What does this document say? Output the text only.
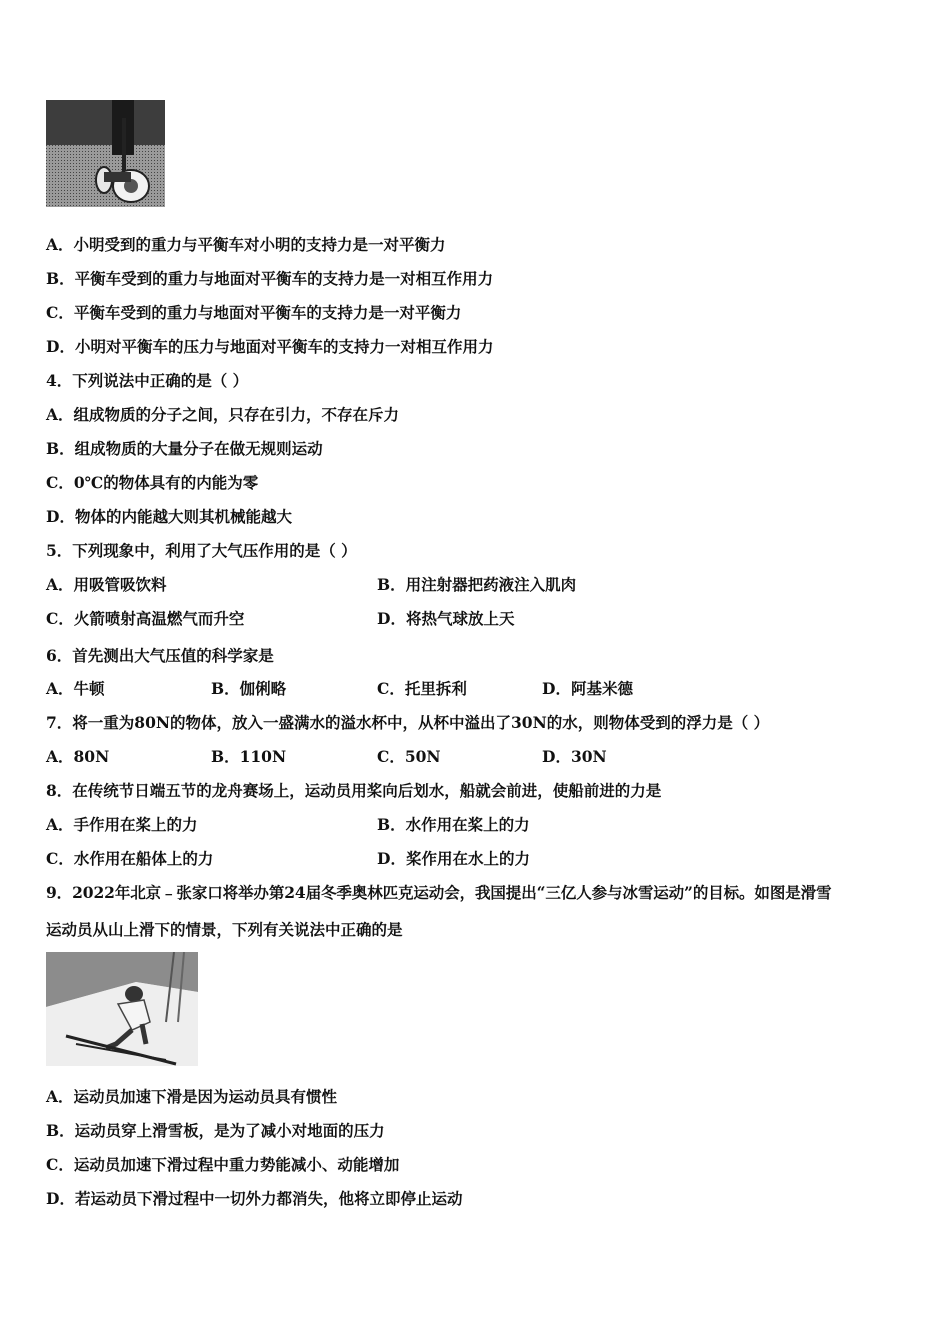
A．小明受到的重力与平衡车对小明的支持力是一对平衡力
B．平衡车受到的重力与地面对平衡车的支持力是一对相互作用力
C．平衡车受到的重力与地面对平衡车的支持力是一对平衡力
D．小明对平衡车的压力与地面对平衡车的支持力一对相互作用力
4．下列说法中正确的是（ ）
A．组成物质的分子之间，只存在引力，不存在斥力
B．组成物质的大量分子在做无规则运动
C．0℃的物体具有的内能为零
D．物体的内能越大则其机械能越大
5．下列现象中，利用了大气压作用的是（ ）
A．用吸管吸饮料	B．用注射器把药液注入肌肉
C．火箭喷射高温燃气而升空	D．将热气球放上天
6．首先测出大气压值的科学家是
A．牛顿	B．伽俐略	C．托里拆利	D．阿基米德
7．将一重为80N的物体，放入一盛满水的溢水杯中，从杯中溢出了30N的水，则物体受到的浮力是（ ）
A．80N	B．110N	C．50N	D．30N
8．在传统节日端五节的龙舟赛场上，运动员用桨向后划水，船就会前进，使船前进的力是
A．手作用在桨上的力	B．水作用在桨上的力
C．水作用在船体上的力	D．桨作用在水上的力
9．2022年北京﹣张家口将举办第24届冬季奥林匹克运动会，我国提出“三亿人参与冰雪运动”的目标。如图是滑雪
运动员从山上滑下的情景，下列有关说法中正确的是
A．运动员加速下滑是因为运动员具有惯性
B．运动员穿上滑雪板，是为了减小对地面的压力
C．运动员加速下滑过程中重力势能减小、动能增加
D．若运动员下滑过程中一切外力都消失，他将立即停止运动
